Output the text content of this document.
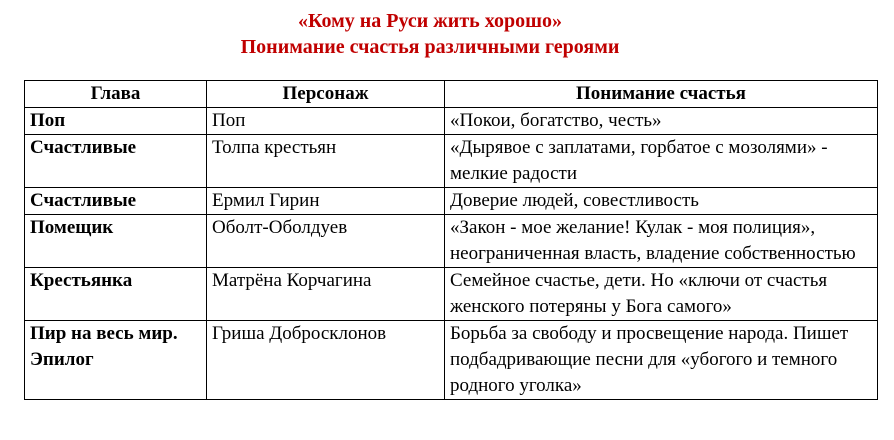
«Кому на Руси жить хорошо»
Понимание счастья различными героями
Глава	Персонаж	Понимание счастья
Поп	Поп	«Покои, богатство, честь»
Счастливые	Толпа крестьян	«Дырявое с заплатами, горбатое с мозолями» - мелкие радости
Счастливые	Ермил Гирин	Доверие людей, совестливость
Помещик	Оболт-Оболдуев	«Закон - мое желание! Кулак - моя полиция», неограниченная власть, владение собственностью
Крестьянка	Матрёна Корчагина	Семейное счастье, дети. Но «ключи от счастья женского потеряны у Бога самого»
Пир на весь мир. Эпилог	Гриша Добросклонов	Борьба за свободу и просвещение народа. Пишет подбадривающие песни для «убогого и темного родного уголка»
